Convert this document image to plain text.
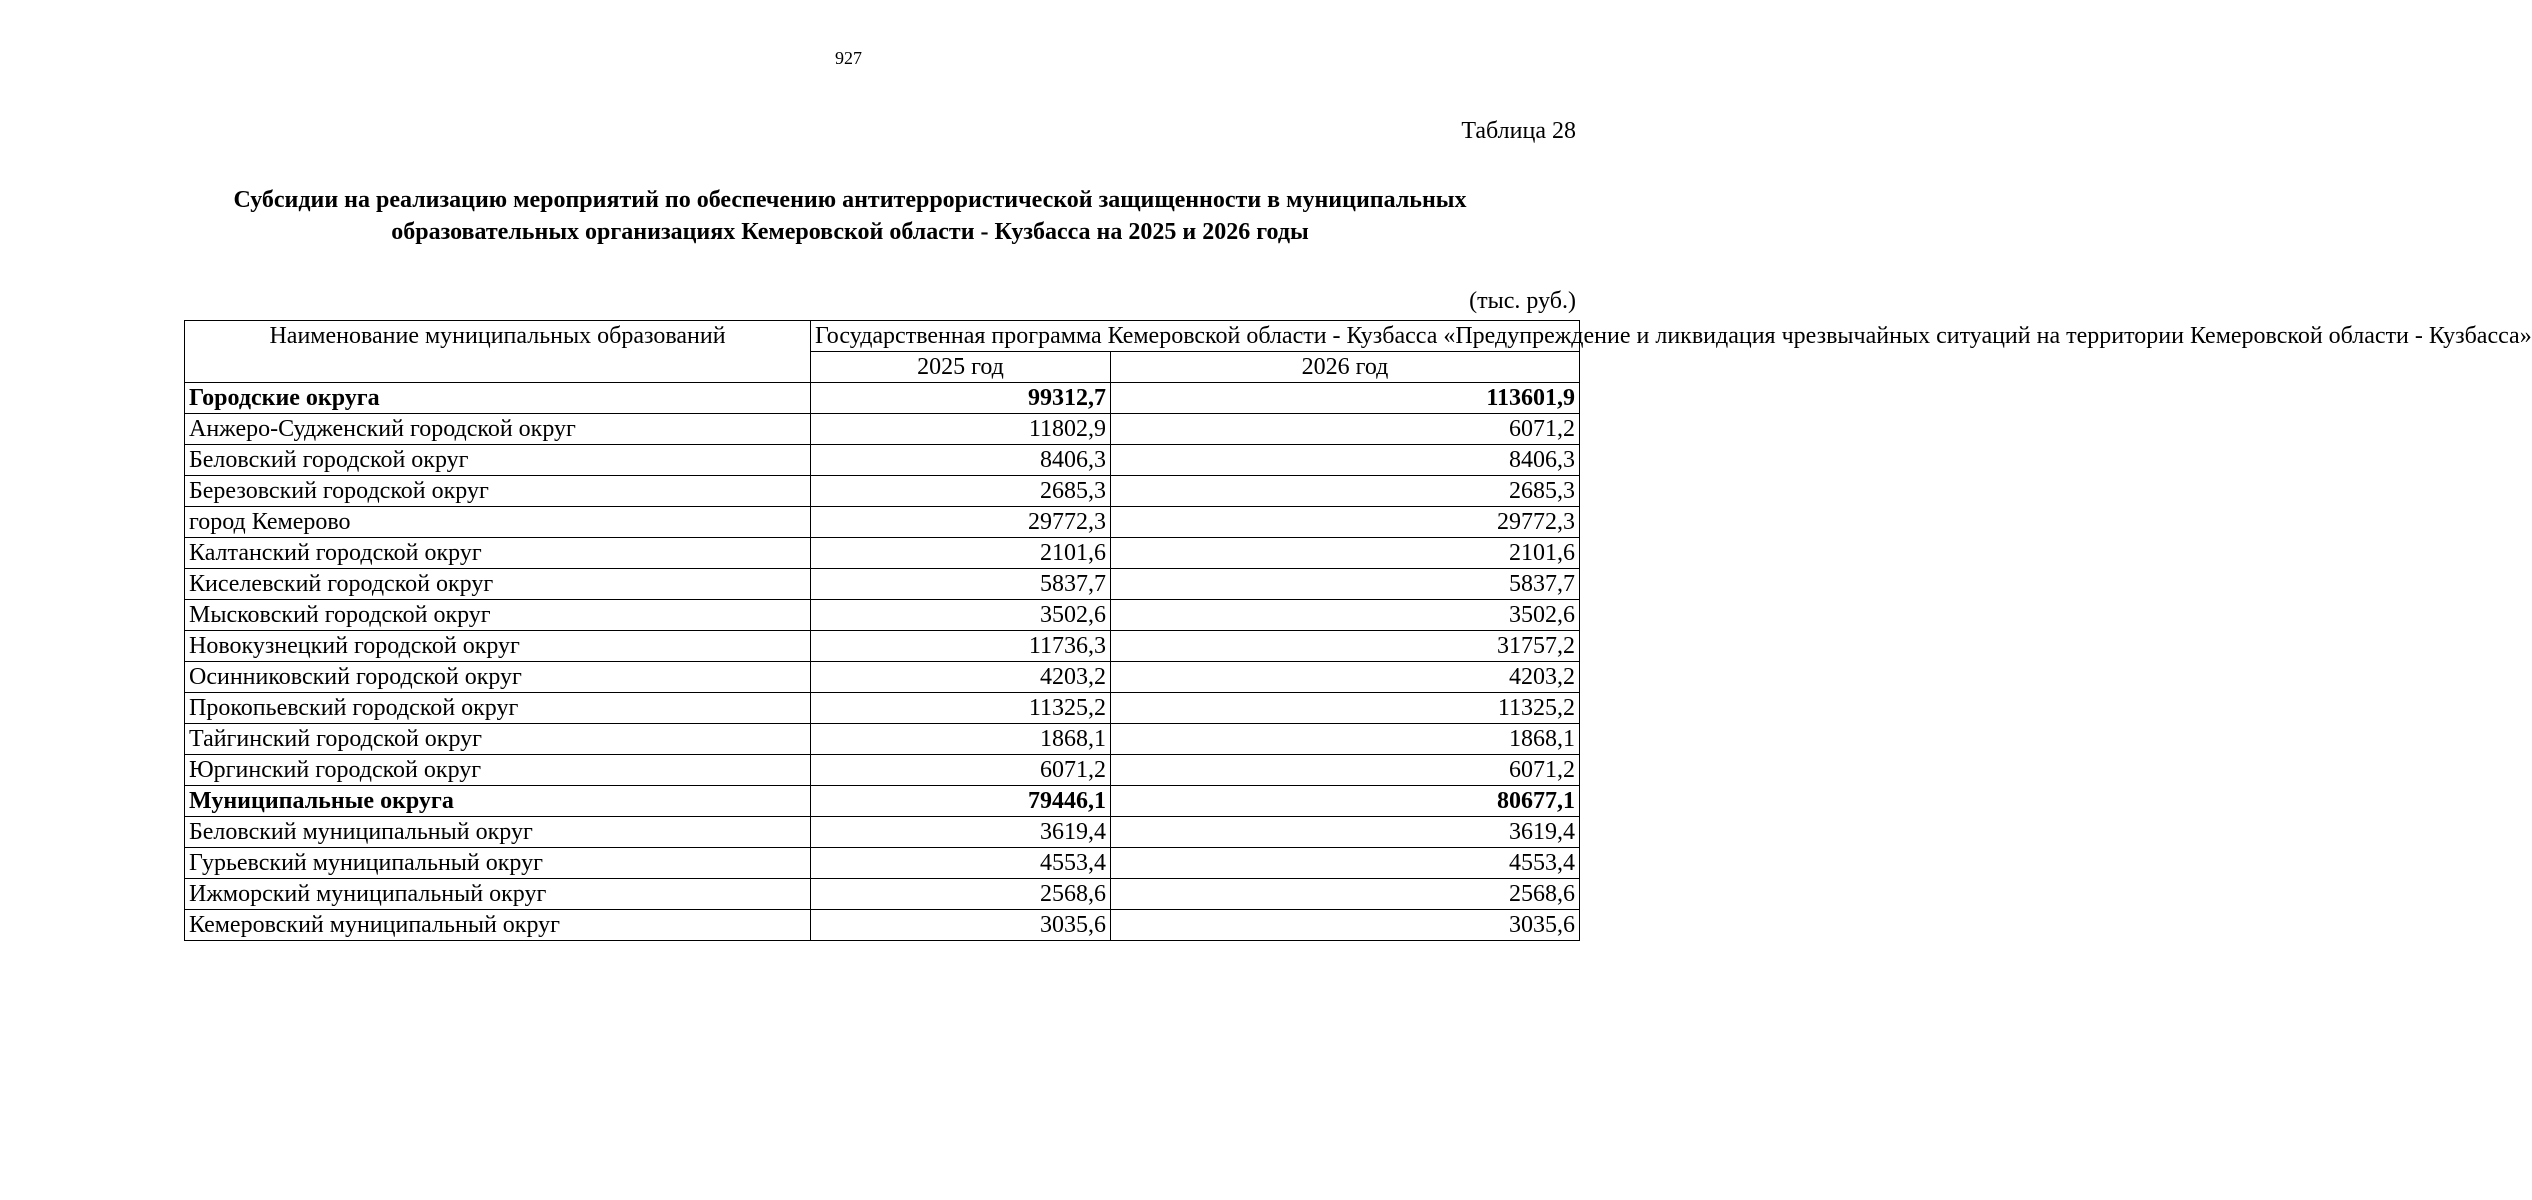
927
Таблица 28
Субсидии на реализацию мероприятий по обеспечению антитеррористической защищенности в муниципальных
образовательных организациях Кемеровской области - Кузбасса на 2025 и 2026 годы
(тыс. руб.)
Наименование муниципальных образований	Государственная программа Кемеровской области - Кузбасса «Предупреждение и ликвидация чрезвычайных ситуаций на территории Кемеровской области - Кузбасса»	
	2025 год	2026 год
Городские округа	99312,7	113601,9
Анжеро-Судженский городской округ	11802,9	6071,2
Беловский городской округ	8406,3	8406,3
Березовский городской округ	2685,3	2685,3
город Кемерово	29772,3	29772,3
Калтанский городской округ	2101,6	2101,6
Киселевский городской округ	5837,7	5837,7
Мысковский городской округ	3502,6	3502,6
Новокузнецкий городской округ	11736,3	31757,2
Осинниковский городской округ	4203,2	4203,2
Прокопьевский городской округ	11325,2	11325,2
Тайгинский городской округ	1868,1	1868,1
Юргинский городской округ	6071,2	6071,2
Муниципальные округа	79446,1	80677,1
Беловский муниципальный округ	3619,4	3619,4
Гурьевский муниципальный округ	4553,4	4553,4
Ижморский муниципальный округ	2568,6	2568,6
Кемеровский муниципальный округ	3035,6	3035,6
